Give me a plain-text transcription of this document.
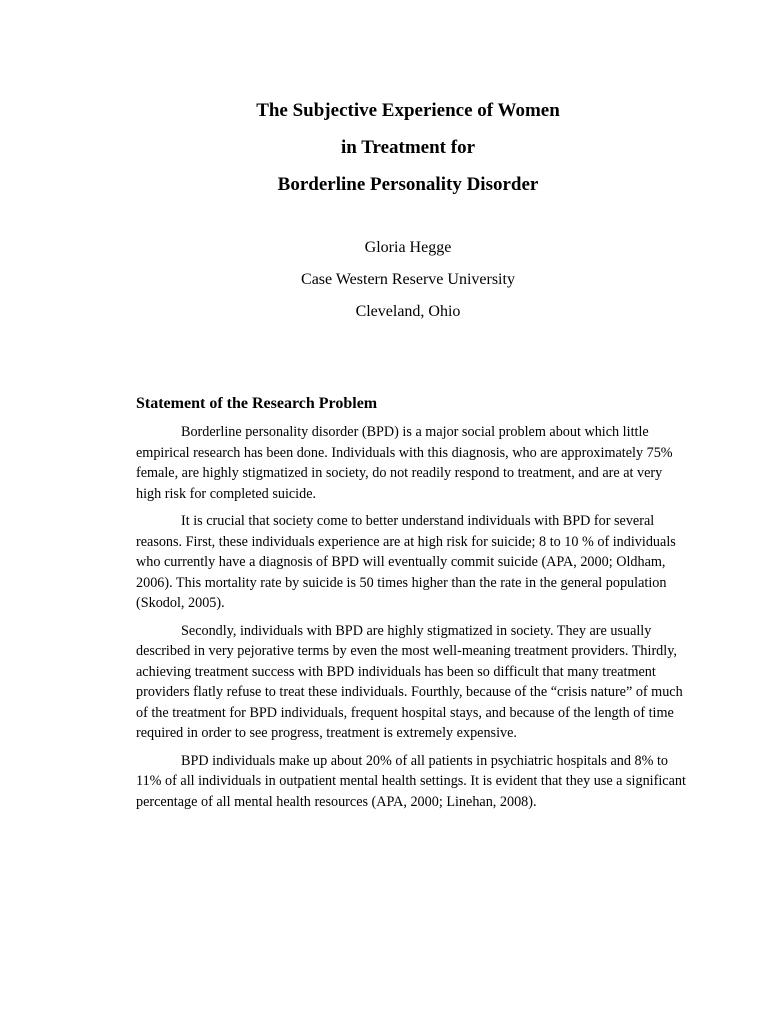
The Subjective Experience of Women

in Treatment for

Borderline Personality Disorder

Gloria Hegge

Case Western Reserve University

Cleveland, Ohio

Statement of the Research Problem

Borderline personality disorder (BPD) is a major social problem about which little empirical research has been done. Individuals with this diagnosis, who are approximately 75% female, are highly stigmatized in society, do not readily respond to treatment, and are at very high risk for completed suicide.

It is crucial that society come to better understand individuals with BPD for several reasons. First, these individuals experience are at high risk for suicide; 8 to 10 % of individuals who currently have a diagnosis of BPD will eventually commit suicide (APA, 2000; Oldham, 2006). This mortality rate by suicide is 50 times higher than the rate in the general population (Skodol, 2005).

Secondly, individuals with BPD are highly stigmatized in society. They are usually described in very pejorative terms by even the most well-meaning treatment providers. Thirdly, achieving treatment success with BPD individuals has been so difficult that many treatment providers flatly refuse to treat these individuals. Fourthly, because of the “crisis nature” of much of the treatment for BPD individuals, frequent hospital stays, and because of the length of time required in order to see progress, treatment is extremely expensive.

BPD individuals make up about 20% of all patients in psychiatric hospitals and 8% to 11% of all individuals in outpatient mental health settings. It is evident that they use a significant percentage of all mental health resources (APA, 2000; Linehan, 2008).
